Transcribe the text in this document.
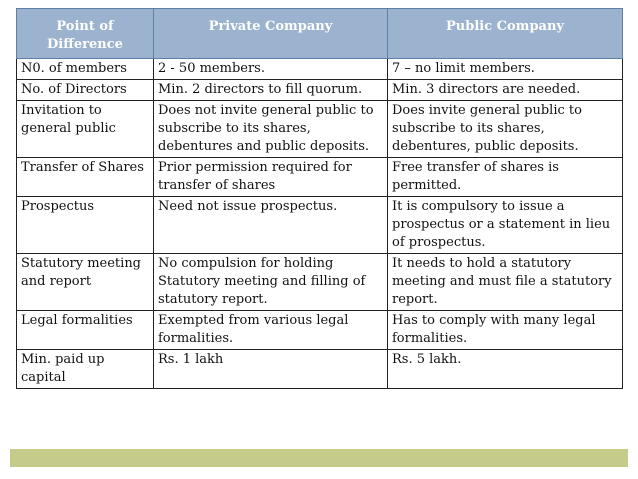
Point of Difference	Private Company	Public Company
N0. of members	2 - 50 members.	7 – no limit members.
No. of Directors	Min. 2 directors to fill quorum.	Min. 3 directors are needed.
Invitation to general public	Does not invite general public to subscribe to its shares, debentures and public deposits.	Does invite general public to subscribe to its shares, debentures, public deposits.
Transfer of Shares	Prior permission required for transfer of shares	Free transfer of shares is permitted.
Prospectus	Need not issue prospectus.	It is compulsory to issue a prospectus or a statement in lieu of prospectus.
Statutory meeting and report	No compulsion for holding Statutory meeting and filling of statutory report.	It needs to hold a statutory meeting and must file a statutory report.
Legal formalities	Exempted from various legal formalities.	Has to comply with many legal formalities.
Min. paid up capital	Rs. 1 lakh	Rs. 5 lakh.
